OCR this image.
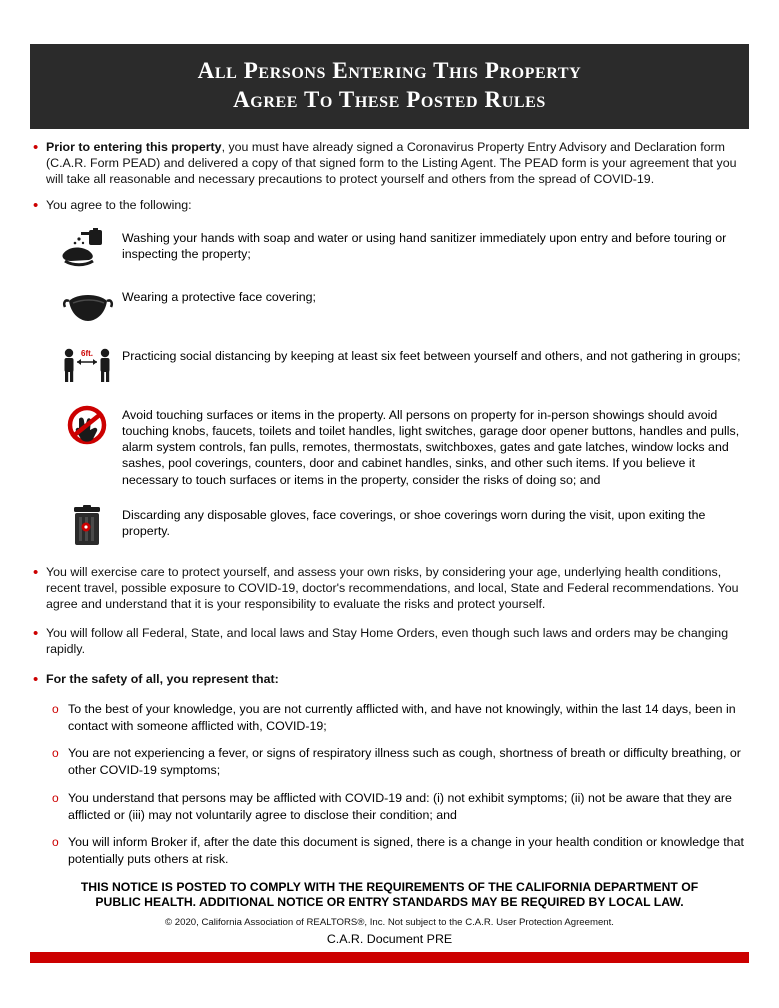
All Persons Entering This Property
Agree To These Posted Rules
• Prior to entering this property, you must have already signed a Coronavirus Property Entry Advisory and Declaration form (C.A.R. Form PEAD) and delivered a copy of that signed form to the Listing Agent. The PEAD form is your agreement that you will take all reasonable and necessary precautions to protect yourself and others from the spread of COVID-19.
• You agree to the following:
Washing your hands with soap and water or using hand sanitizer immediately upon entry and before touring or inspecting the property;
Wearing a protective face covering;
6ft.	Practicing social distancing by keeping at least six feet between yourself and others, and not gathering in groups;
Avoid touching surfaces or items in the property. All persons on property for in-person showings should avoid touching knobs, faucets, toilets and toilet handles, light switches, garage door opener buttons, handles and pulls, alarm system controls, fan pulls, remotes, thermostats, switchboxes, gates and gate latches, window locks and sashes, pool coverings, counters, door and cabinet handles, sinks, and other such items. If you believe it necessary to touch surfaces or items in the property, consider the risks of doing so; and
Discarding any disposable gloves, face coverings, or shoe coverings worn during the visit, upon exiting the property.
• You will exercise care to protect yourself, and assess your own risks, by considering your age, underlying health conditions, recent travel, possible exposure to COVID-19, doctor's recommendations, and local, State and Federal recommendations. You agree and understand that it is your responsibility to evaluate the risks and protect yourself.
• You will follow all Federal, State, and local laws and Stay Home Orders, even though such laws and orders may be changing rapidly.
• For the safety of all, you represent that:
o To the best of your knowledge, you are not currently afflicted with, and have not knowingly, within the last 14 days, been in contact with someone afflicted with, COVID-19;
o You are not experiencing a fever, or signs of respiratory illness such as cough, shortness of breath or difficulty breathing, or other COVID-19 symptoms;
o You understand that persons may be afflicted with COVID-19 and: (i) not exhibit symptoms; (ii) not be aware that they are afflicted or (iii) may not voluntarily agree to disclose their condition; and
o You will inform Broker if, after the date this document is signed, there is a change in your health condition or knowledge that potentially puts others at risk.
THIS NOTICE IS POSTED TO COMPLY WITH THE REQUIREMENTS OF THE CALIFORNIA DEPARTMENT OF
PUBLIC HEALTH. ADDITIONAL NOTICE OR ENTRY STANDARDS MAY BE REQUIRED BY LOCAL LAW.
© 2020, California Association of REALTORS®, Inc. Not subject to the C.A.R. User Protection Agreement.
C.A.R. Document PRE
